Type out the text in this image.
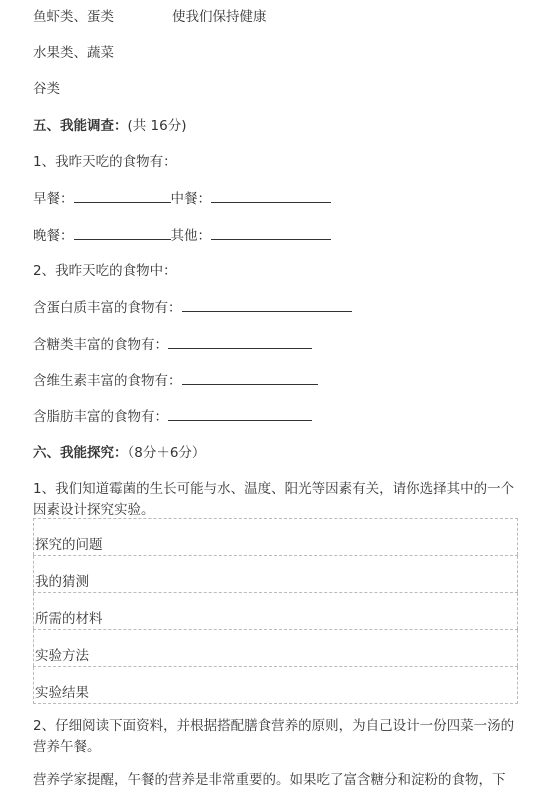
鱼虾类、蛋类	使我们保持健康
水果类、蔬菜
谷类
五、我能调查：(共 16分)
1、我昨天吃的食物有：
早餐：	中餐：
晚餐：	其他：
2、我昨天吃的食物中：
含蛋白质丰富的食物有：
含糖类丰富的食物有：
含维生素丰富的食物有：
含脂肪丰富的食物有：
六、我能探究：（8分＋6分）
1、我们知道霉菌的生长可能与水、温度、阳光等因素有关，请你选择其中的一个因素设计探究实验。
探究的问题
我的猜测
所需的材料
实验方法
实验结果
2、仔细阅读下面资料，并根据搭配膳食营养的原则，为自己设计一份四菜一汤的营养午餐。
营养学家提醒，午餐的营养是非常重要的。如果吃了富含糖分和淀粉的食物，下
